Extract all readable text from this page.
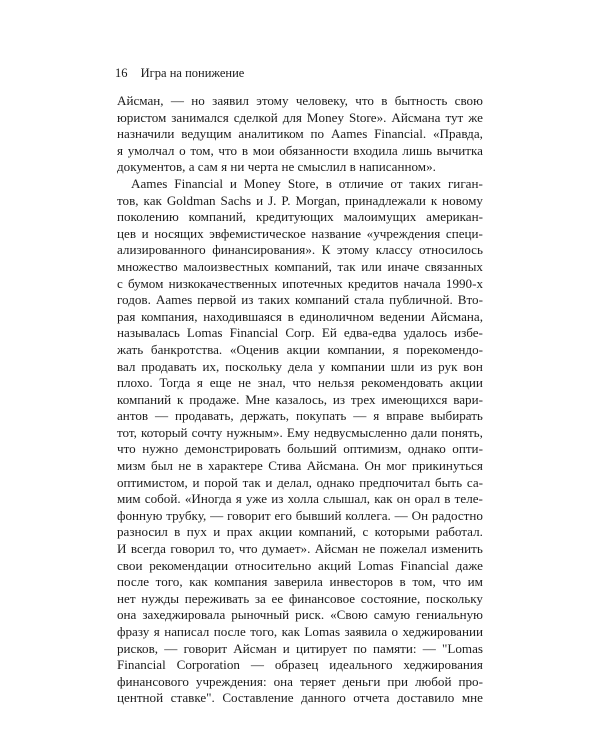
16 Игра на понижение
Айсман, — но заявил этому человеку, что в бытность свою
юристом занимался сделкой для Money Store». Айсмана тут же
назначили ведущим аналитиком по Aames Financial. «Правда,
я умолчал о том, что в мои обязанности входила лишь вычитка
документов, а сам я ни черта не смыслил в написанном».
Aames Financial и Money Store, в отличие от таких гиган-
тов, как Goldman Sachs и J. P. Morgan, принадлежали к новому
поколению компаний, кредитующих малоимущих американ-
цев и носящих эвфемистическое название «учреждения специ-
ализированного финансирования». К этому классу относилось
множество малоизвестных компаний, так или иначе связанных
с бумом низкокачественных ипотечных кредитов начала 1990-х
годов. Aames первой из таких компаний стала публичной. Вто-
рая компания, находившаяся в единоличном ведении Айсмана,
называлась Lomas Financial Corp. Ей едва-едва удалось избе-
жать банкротства. «Оценив акции компании, я порекомендо-
вал продавать их, поскольку дела у компании шли из рук вон
плохо. Тогда я еще не знал, что нельзя рекомендовать акции
компаний к продаже. Мне казалось, из трех имеющихся вари-
антов — продавать, держать, покупать — я вправе выбирать
тот, который сочту нужным». Ему недвусмысленно дали понять,
что нужно демонстрировать больший оптимизм, однако опти-
мизм был не в характере Стива Айсмана. Он мог прикинуться
оптимистом, и порой так и делал, однако предпочитал быть са-
мим собой. «Иногда я уже из холла слышал, как он орал в теле-
фонную трубку, — говорит его бывший коллега. — Он радостно
разносил в пух и прах акции компаний, с которыми работал.
И всегда говорил то, что думает». Айсман не пожелал изменить
свои рекомендации относительно акций Lomas Financial даже
после того, как компания заверила инвесторов в том, что им
нет нужды переживать за ее финансовое состояние, поскольку
она захеджировала рыночный риск. «Свою самую гениальную
фразу я написал после того, как Lomas заявила о хеджировании
рисков, — говорит Айсман и цитирует по памяти: — "Lomas
Financial Corporation — образец идеального хеджирования
финансового учреждения: она теряет деньги при любой про-
центной ставке". Составление данного отчета доставило мне
